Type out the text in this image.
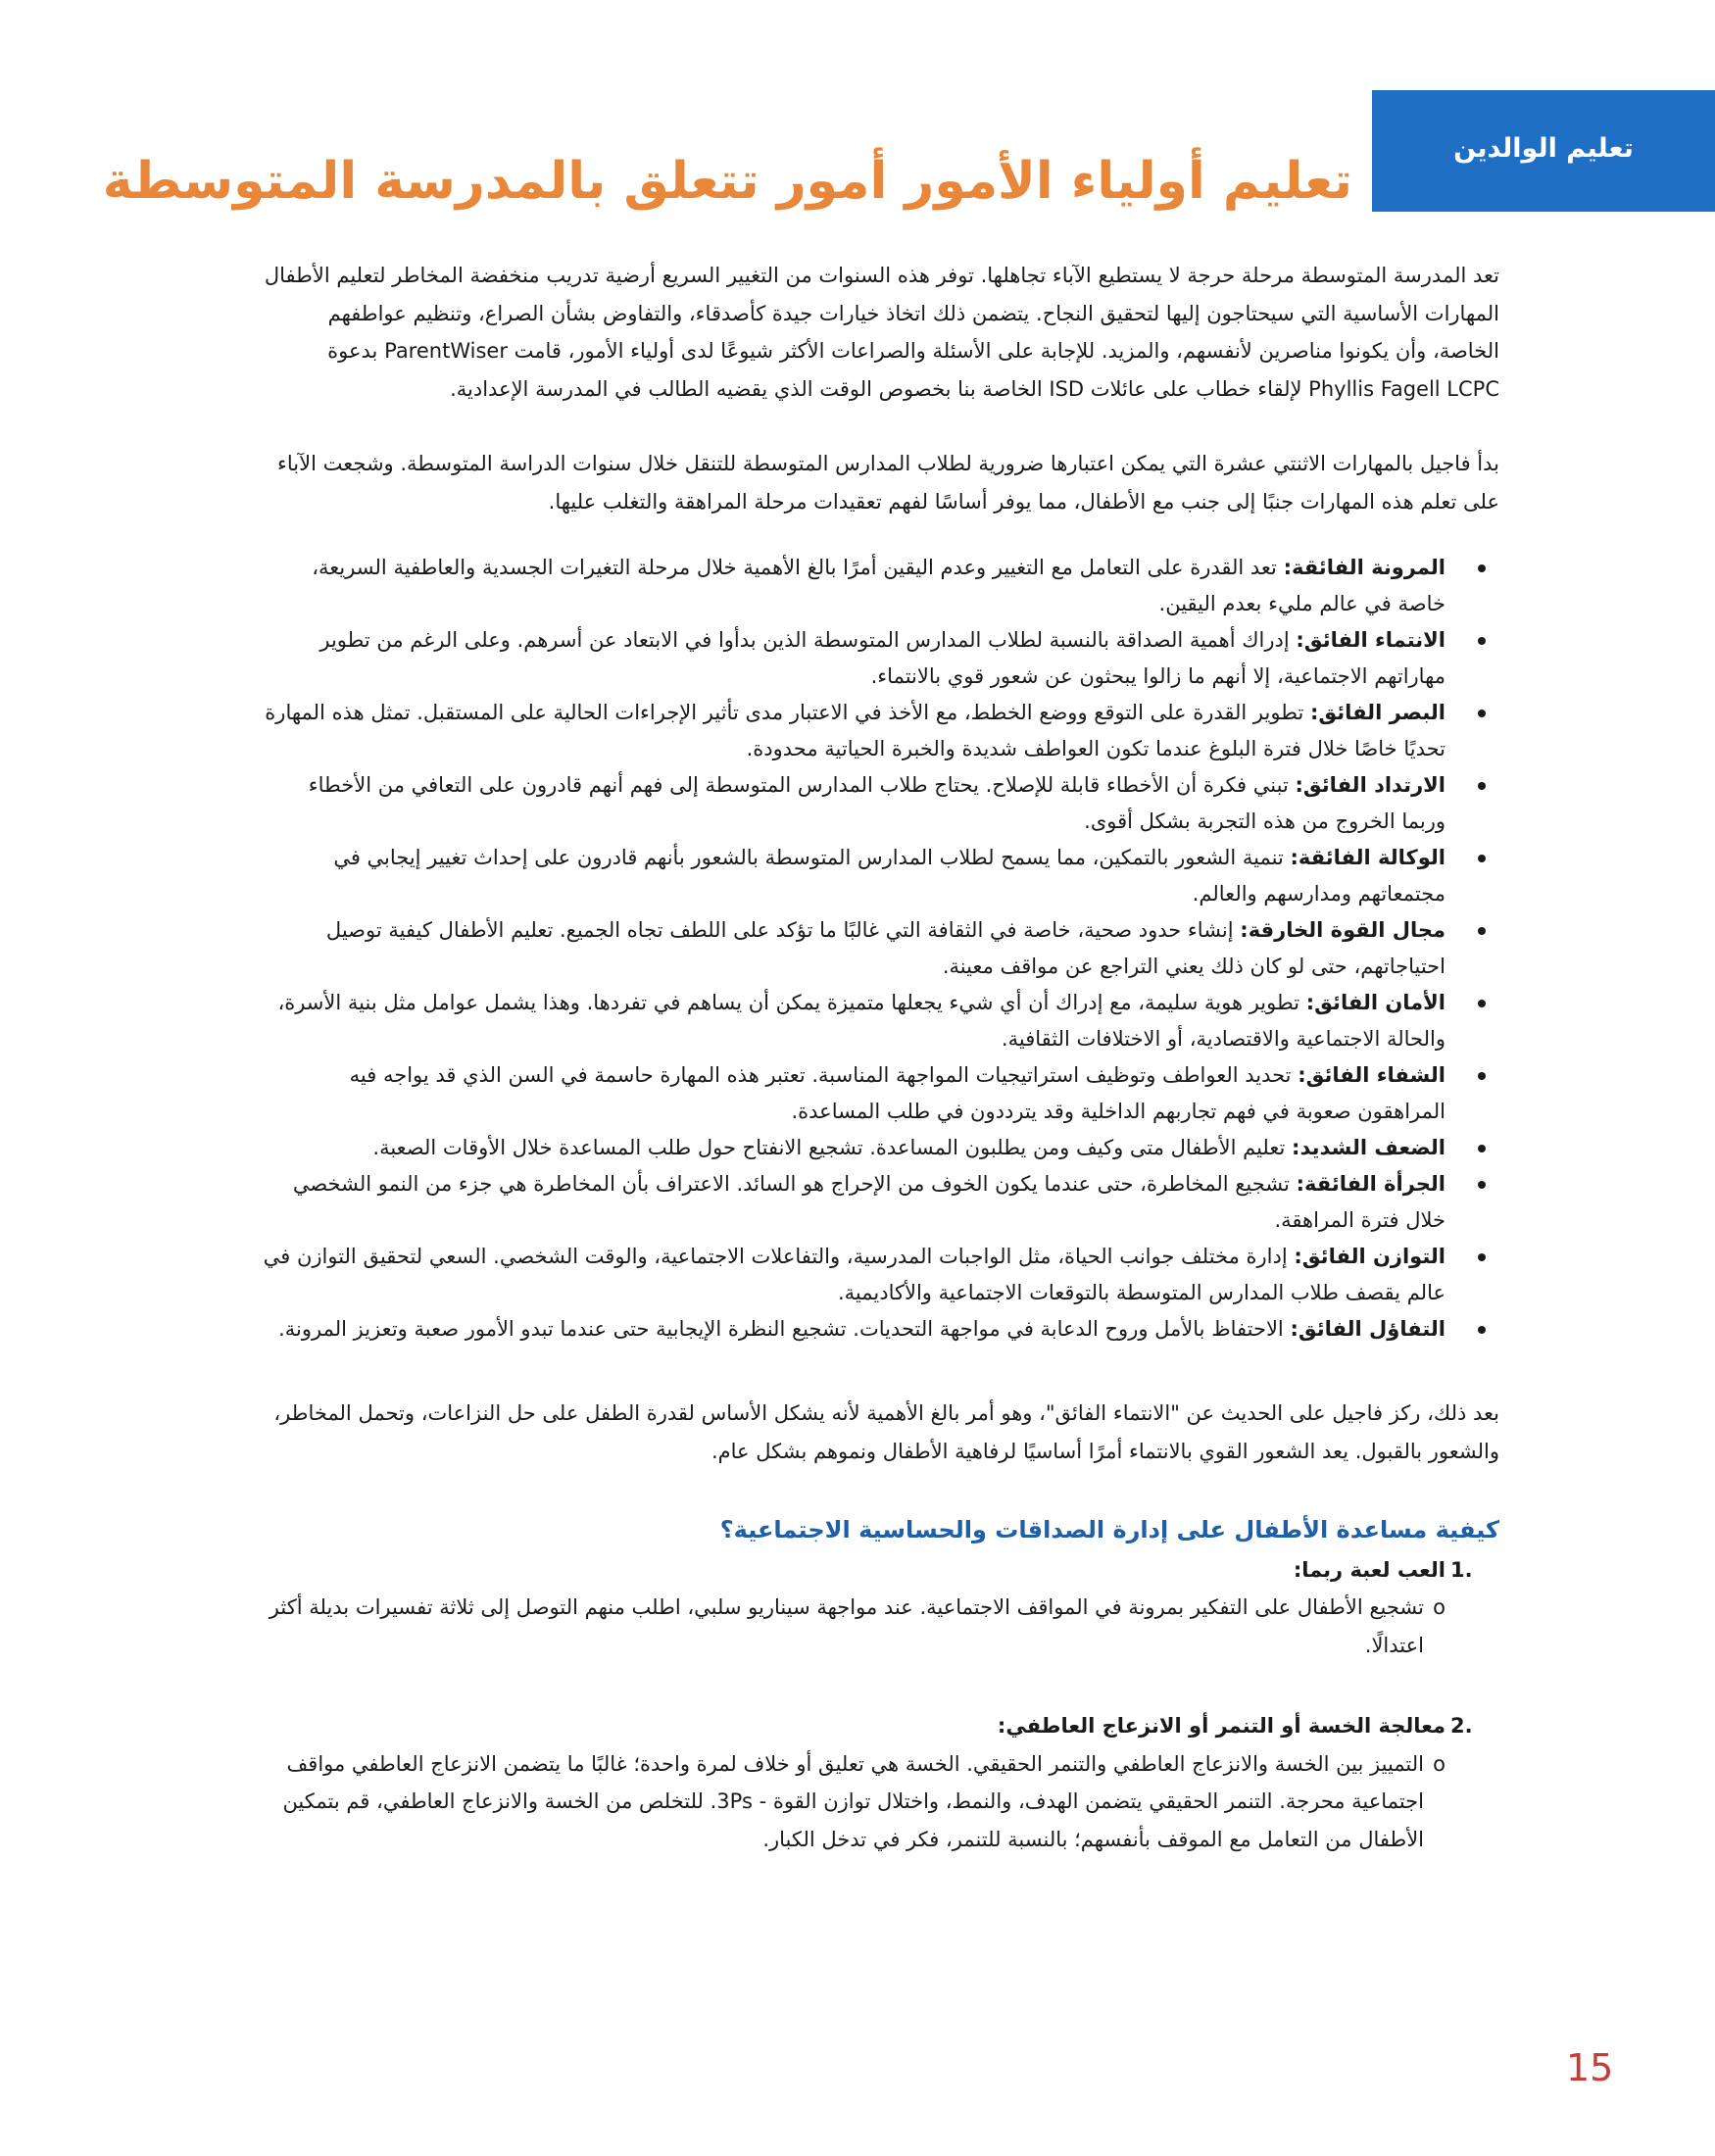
تعليم الوالدين
تعليم أولياء الأمور أمور تتعلق بالمدرسة المتوسطة

تعد المدرسة المتوسطة مرحلة حرجة لا يستطيع الآباء تجاهلها. توفر هذه السنوات من التغيير السريع أرضية تدريب منخفضة المخاطر لتعليم الأطفال المهارات الأساسية التي سيحتاجون إليها لتحقيق النجاح. يتضمن ذلك اتخاذ خيارات جيدة كأصدقاء، والتفاوض بشأن الصراع، وتنظيم عواطفهم الخاصة، وأن يكونوا مناصرين لأنفسهم، والمزيد. للإجابة على الأسئلة والصراعات الأكثر شيوعًا لدى أولياء الأمور، قامت ParentWiser بدعوة Phyllis Fagell LCPC لإلقاء خطاب على عائلات ISD الخاصة بنا بخصوص الوقت الذي يقضيه الطالب في المدرسة الإعدادية.

بدأ فاجيل بالمهارات الاثنتي عشرة التي يمكن اعتبارها ضرورية لطلاب المدارس المتوسطة للتنقل خلال سنوات الدراسة المتوسطة. وشجعت الآباء على تعلم هذه المهارات جنبًا إلى جنب مع الأطفال، مما يوفر أساسًا لفهم تعقيدات مرحلة المراهقة والتغلب عليها.

المرونة الفائقة: تعد القدرة على التعامل مع التغيير وعدم اليقين أمرًا بالغ الأهمية خلال مرحلة التغيرات الجسدية والعاطفية السريعة، خاصة في عالم مليء بعدم اليقين.
الانتماء الفائق: إدراك أهمية الصداقة بالنسبة لطلاب المدارس المتوسطة الذين بدأوا في الابتعاد عن أسرهم. وعلى الرغم من تطوير مهاراتهم الاجتماعية، إلا أنهم ما زالوا يبحثون عن شعور قوي بالانتماء.
البصر الفائق: تطوير القدرة على التوقع ووضع الخطط، مع الأخذ في الاعتبار مدى تأثير الإجراءات الحالية على المستقبل. تمثل هذه المهارة تحديًا خاصًا خلال فترة البلوغ عندما تكون العواطف شديدة والخبرة الحياتية محدودة.
الارتداد الفائق: تبني فكرة أن الأخطاء قابلة للإصلاح. يحتاج طلاب المدارس المتوسطة إلى فهم أنهم قادرون على التعافي من الأخطاء وربما الخروج من هذه التجربة بشكل أقوى.
الوكالة الفائقة: تنمية الشعور بالتمكين، مما يسمح لطلاب المدارس المتوسطة بالشعور بأنهم قادرون على إحداث تغيير إيجابي في مجتمعاتهم ومدارسهم والعالم.
مجال القوة الخارقة: إنشاء حدود صحية، خاصة في الثقافة التي غالبًا ما تؤكد على اللطف تجاه الجميع. تعليم الأطفال كيفية توصيل احتياجاتهم، حتى لو كان ذلك يعني التراجع عن مواقف معينة.
الأمان الفائق: تطوير هوية سليمة، مع إدراك أن أي شيء يجعلها متميزة يمكن أن يساهم في تفردها. وهذا يشمل عوامل مثل بنية الأسرة، والحالة الاجتماعية والاقتصادية، أو الاختلافات الثقافية.
الشفاء الفائق: تحديد العواطف وتوظيف استراتيجيات المواجهة المناسبة. تعتبر هذه المهارة حاسمة في السن الذي قد يواجه فيه المراهقون صعوبة في فهم تجاربهم الداخلية وقد يترددون في طلب المساعدة.
الضعف الشديد: تعليم الأطفال متى وكيف ومن يطلبون المساعدة. تشجيع الانفتاح حول طلب المساعدة خلال الأوقات الصعبة.
الجرأة الفائقة: تشجيع المخاطرة، حتى عندما يكون الخوف من الإحراج هو السائد. الاعتراف بأن المخاطرة هي جزء من النمو الشخصي خلال فترة المراهقة.
التوازن الفائق: إدارة مختلف جوانب الحياة، مثل الواجبات المدرسية، والتفاعلات الاجتماعية، والوقت الشخصي. السعي لتحقيق التوازن في عالم يقصف طلاب المدارس المتوسطة بالتوقعات الاجتماعية والأكاديمية.
التفاؤل الفائق: الاحتفاظ بالأمل وروح الدعابة في مواجهة التحديات. تشجيع النظرة الإيجابية حتى عندما تبدو الأمور صعبة وتعزيز المرونة.

بعد ذلك، ركز فاجيل على الحديث عن "الانتماء الفائق"، وهو أمر بالغ الأهمية لأنه يشكل الأساس لقدرة الطفل على حل النزاعات، وتحمل المخاطر، والشعور بالقبول. يعد الشعور القوي بالانتماء أمرًا أساسيًا لرفاهية الأطفال ونموهم بشكل عام.

كيفية مساعدة الأطفال على إدارة الصداقات والحساسية الاجتماعية؟

1.

العب لعبة ربما:

o
تشجيع الأطفال على التفكير بمرونة في المواقف الاجتماعية. عند مواجهة سيناريو سلبي، اطلب منهم التوصل إلى ثلاثة تفسيرات بديلة أكثر اعتدالًا.

2.

معالجة الخسة أو التنمر أو الانزعاج العاطفي:

o
التمييز بين الخسة والانزعاج العاطفي والتنمر الحقيقي. الخسة هي تعليق أو خلاف لمرة واحدة؛ غالبًا ما يتضمن الانزعاج العاطفي مواقف اجتماعية محرجة. التنمر الحقيقي يتضمن الهدف، والنمط، واختلال توازن القوة - 3Ps. للتخلص من الخسة والانزعاج العاطفي، قم بتمكين الأطفال من التعامل مع الموقف بأنفسهم؛ بالنسبة للتنمر، فكر في تدخل الكبار.

15
